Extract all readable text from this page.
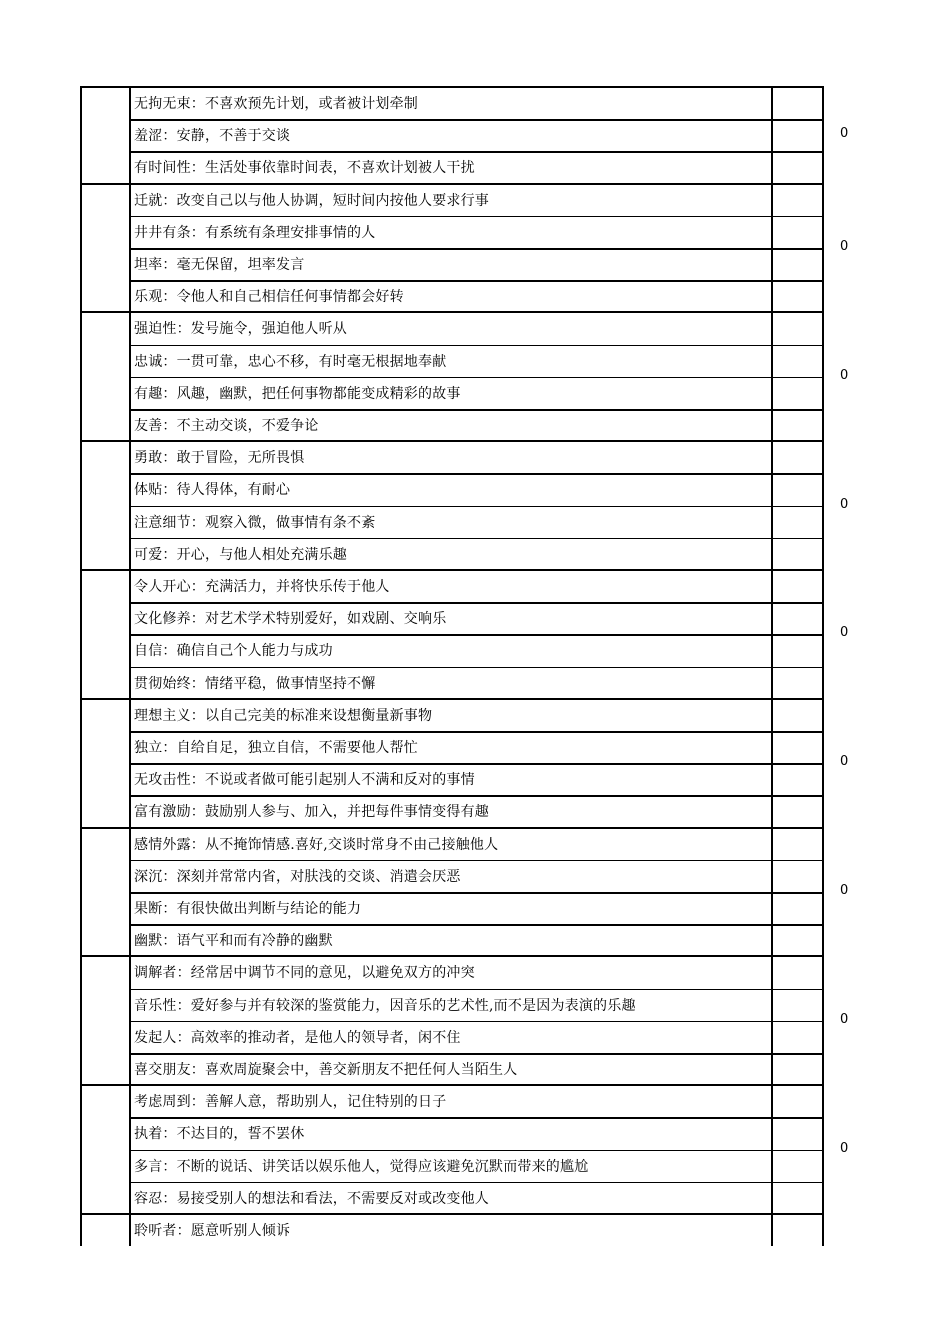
无拘无束：不喜欢预先计划，或者被计划牵制
羞涩：安静，不善于交谈
有时间性：生活处事依靠时间表，不喜欢计划被人干扰
0
迁就：改变自己以与他人协调，短时间内按他人要求行事
井井有条：有系统有条理安排事情的人
坦率：毫无保留，坦率发言
乐观：令他人和自己相信任何事情都会好转
0
强迫性：发号施令，强迫他人听从
忠诚：一贯可靠，忠心不移，有时毫无根据地奉献
有趣：风趣，幽默，把任何事物都能变成精彩的故事
友善：不主动交谈，不爱争论
0
勇敢：敢于冒险，无所畏惧
体贴：待人得体，有耐心
注意细节：观察入微，做事情有条不紊
可爱：开心，与他人相处充满乐趣
0
令人开心：充满活力，并将快乐传于他人
文化修养：对艺术学术特别爱好，如戏剧、交响乐
自信：确信自己个人能力与成功
贯彻始终：情绪平稳，做事情坚持不懈
0
理想主义：以自己完美的标准来设想衡量新事物
独立：自给自足，独立自信，不需要他人帮忙
无攻击性：不说或者做可能引起别人不满和反对的事情
富有激励：鼓励别人参与、加入，并把每件事情变得有趣
0
感情外露：从不掩饰情感.喜好,交谈时常身不由己接触他人
深沉：深刻并常常内省，对肤浅的交谈、消遣会厌恶
果断：有很快做出判断与结论的能力
幽默：语气平和而有冷静的幽默
0
调解者：经常居中调节不同的意见，以避免双方的冲突
音乐性：爱好参与并有较深的鉴赏能力，因音乐的艺术性,而不是因为表演的乐趣
发起人：高效率的推动者，是他人的领导者，闲不住
喜交朋友：喜欢周旋聚会中，善交新朋友不把任何人当陌生人
0
考虑周到：善解人意，帮助别人，记住特别的日子
执着：不达目的，誓不罢休
多言：不断的说话、讲笑话以娱乐他人，觉得应该避免沉默而带来的尴尬
容忍：易接受别人的想法和看法，不需要反对或改变他人
0
聆听者：愿意听别人倾诉
